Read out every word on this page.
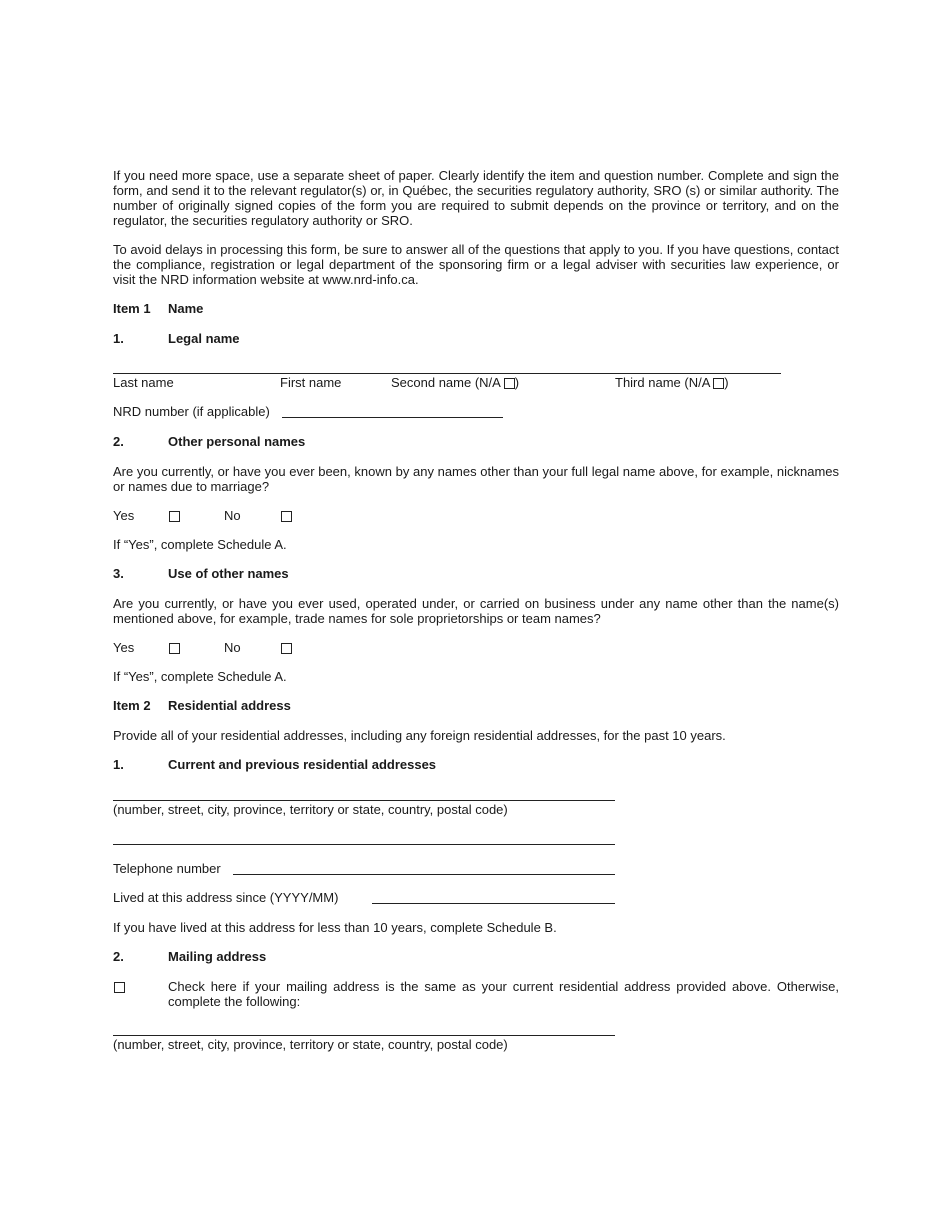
If you need more space, use a separate sheet of paper. Clearly identify the item and question number. Complete and sign the form, and send it to the relevant regulator(s) or, in Québec, the securities regulatory authority, SRO (s) or similar authority. The number of originally signed copies of the form you are required to submit depends on the province or territory, and on the regulator, the securities regulatory authority or SRO.

To avoid delays in processing this form, be sure to answer all of the questions that apply to you. If you have questions, contact the compliance, registration or legal department of the sponsoring firm or a legal adviser with securities law experience, or visit the NRD information website at www.nrd-info.ca.

Item 1 Name
1.	Legal name
Last name	First name	Second name (N/A )	Third name (N/A )
NRD number (if applicable)
2.	Other personal names

Are you currently, or have you ever been, known by any names other than your full legal name above, for example, nicknames or names due to marriage?

Yes	No
If “Yes”, complete Schedule A.
3.	Use of other names

Are you currently, or have you ever used, operated under, or carried on business under any name other than the name(s) mentioned above, for example, trade names for sole proprietorships or team names?

Yes	No
If “Yes”, complete Schedule A.
Item 2 Residential address
Provide all of your residential addresses, including any foreign residential addresses, for the past 10 years.
1.	Current and previous residential addresses
(number, street, city, province, territory or state, country, postal code)
Telephone number
Lived at this address since (YYYY/MM)
If you have lived at this address for less than 10 years, complete Schedule B.
2.	Mailing address

Check here if your mailing address is the same as your current residential address provided above. Otherwise, complete the following:

(number, street, city, province, territory or state, country, postal code)
